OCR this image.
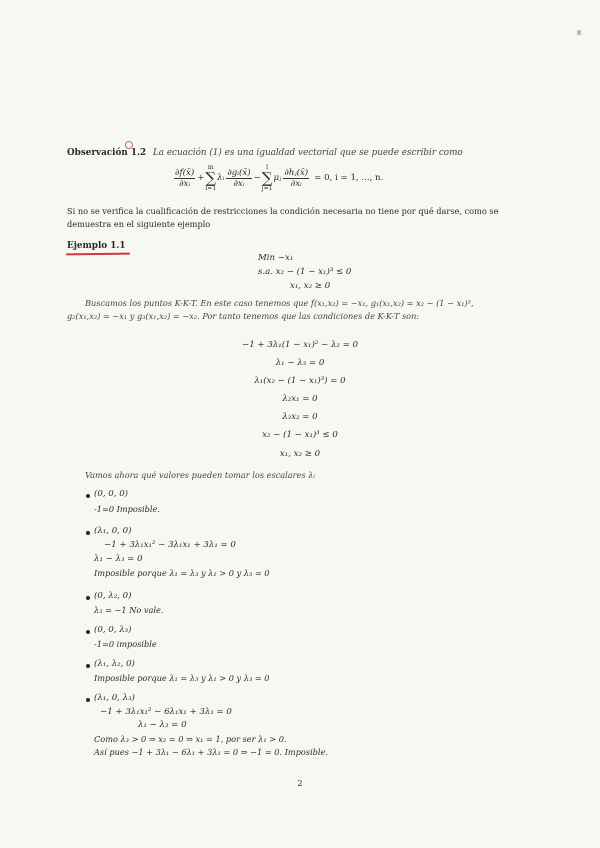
Observación 1.2 La ecuación (1) es una igualdad vectorial que se puede escribir como
$\frac{\partial f(x̄)}{\text{∂xᵢ}}$ +
m
∑
i=1
λᵢ $\frac{\text{∂gᵢ(x̄)}}{\text{∂xᵢ}}$ −
l
∑
j=1
μⱼ $\frac{\text{∂hⱼ(x̄)}}{\text{∂xᵢ}} = 0$, i = 1, ..., n.
Si no se verifica la cualificación de restricciones la condición necesaria no tiene por qué darse, como se
demuestra en el siguiente ejemplo
Ejemplo 1.1
Min −x₁
s.a. x₂ − (1 − x₁)³ ≤ 0
x₁, x₂ ≥ 0
Buscamos los puntos K-K-T. En este caso tenemos que f(x₁,x₂) = −x₁, g₁(x₁,x₂) = x₂ − (1 − x₁)³,
g₂(x₁,x₂) = −x₁ y g₃(x₁,x₂) = −x₂. Por tanto tenemos que las condiciones de K-K-T son:
−1 + 3λ₁(1 − x₁)² − λ₂ = 0
λ₁ − λ₃ = 0
λ₁(x₂ − (1 − x₁)³) = 0
λ₂x₁ = 0
λ₃x₂ = 0
x₂ − (1 − x₁)³ ≤ 0
x₁, x₂ ≥ 0
Vamos ahora qué valores pueden tomar los escalares λᵢ
(0, 0, 0)
-1=0 Imposible.
(λ₁, 0, 0)
−1 + 3λ₁x₁² − 3λ₁x₁ + 3λ₁ = 0
λ₁ − λ₃ = 0
Imposible porque λ₁ = λ₃ y λ₁ > 0 y λ₃ = 0
(0, λ₂, 0)
λ₂ = −1 No vale.
(0, 0, λ₃)
-1=0 imposible
(λ₁, λ₂, 0)
Imposible porque λ₁ = λ₃ y λ₁ > 0 y λ₃ = 0
(λ₁, 0, λ₃)
−1 + 3λ₁x₁² − 6λ₁x₁ + 3λ₁ = 0
λ₁ − λ₃ = 0
Como λ₃ > 0 ⇒ x₂ = 0 ⇒ x₁ = 1, por ser λ₁ > 0.
Así pues −1 + 3λ₁ − 6λ₁ + 3λ₁ = 0 ⇒ −1 = 0. Imposible.
2
